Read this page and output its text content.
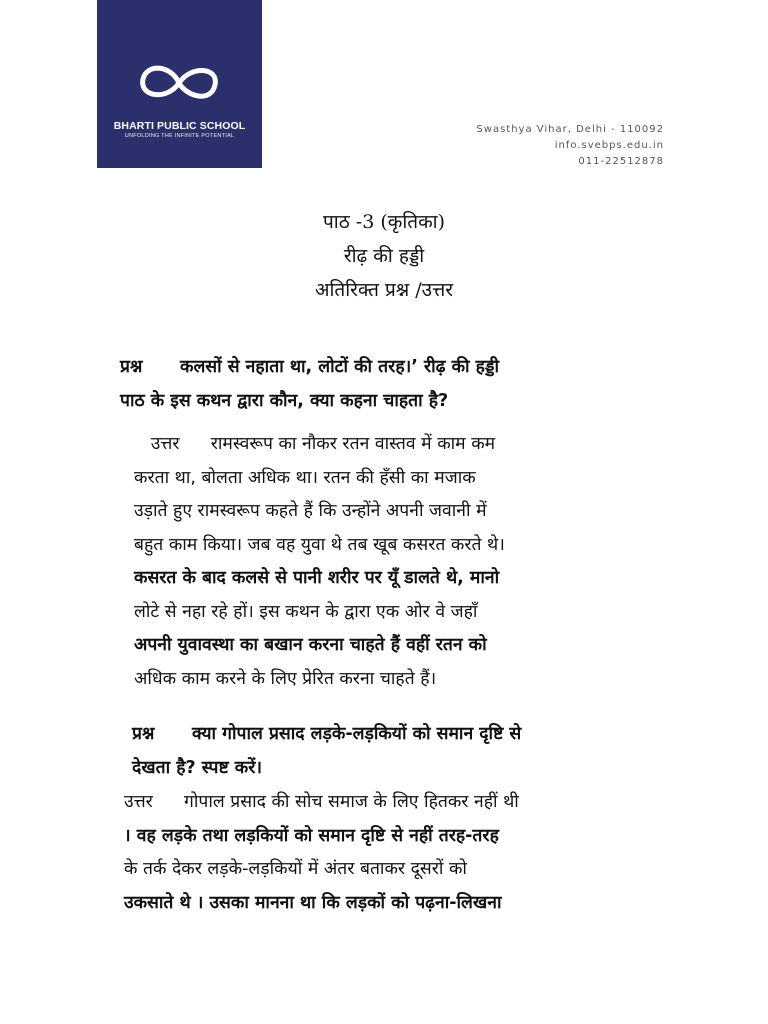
BHARTI PUBLIC SCHOOL
UNFOLDING THE INFINITE POTENTIAL
Swasthya Vihar, Delhi - 110092
info.svebps.edu.in
011-22512878
पाठ -3 (कृतिका)
रीढ़ की हड्डी
अतिरिक्त प्रश्न /उत्तर
प्रश्न कलसों से नहाता था, लोटों की तरह।’ रीढ़ की हड्डी
पाठ के इस कथन द्वारा कौन, क्या कहना चाहता है?
उत्तर रामस्वरूप का नौकर रतन वास्तव में काम कम
करता था, बोलता अधिक था। रतन की हँसी का मजाक
उड़ाते हुए रामस्वरूप कहते हैं कि उन्होंने अपनी जवानी में
बहुत काम किया। जब वह युवा थे तब खूब कसरत करते थे।
कसरत के बाद कलसे से पानी शरीर पर यूँ डालते थे, मानो
लोटे से नहा रहे हों। इस कथन के द्वारा एक ओर वे जहाँ
अपनी युवावस्था का बखान करना चाहते हैं वहीं रतन को
अधिक काम करने के लिए प्रेरित करना चाहते हैं।
प्रश्न क्या गोपाल प्रसाद लड़के-लड़कियों को समान दृष्टि से
देखता है? स्पष्ट करें।
उत्तर गोपाल प्रसाद की सोच समाज के लिए हितकर नहीं थी
। वह लड़के तथा लड़कियों को समान दृष्टि से नहीं तरह-तरह
के तर्क देकर लड़के-लड़कियों में अंतर बताकर दूसरों को
उकसाते थे । उसका मानना था कि लड़कों को पढ़ना-लिखना
